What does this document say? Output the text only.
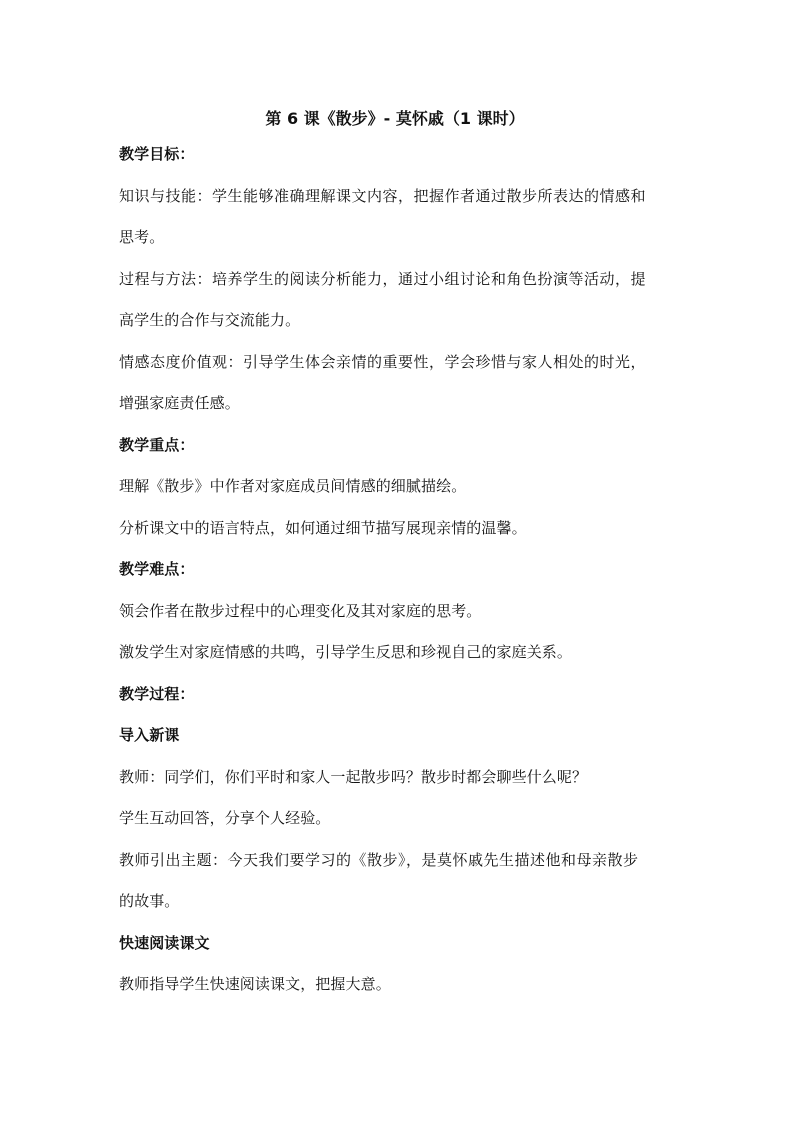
第 6 课《散步》- 莫怀戚（1 课时）
教学目标：
知识与技能：学生能够准确理解课文内容，把握作者通过散步所表达的情感和
思考。
过程与方法：培养学生的阅读分析能力，通过小组讨论和角色扮演等活动，提
高学生的合作与交流能力。
情感态度价值观：引导学生体会亲情的重要性，学会珍惜与家人相处的时光，
增强家庭责任感。
教学重点：
理解《散步》中作者对家庭成员间情感的细腻描绘。
分析课文中的语言特点，如何通过细节描写展现亲情的温馨。
教学难点：
领会作者在散步过程中的心理变化及其对家庭的思考。
激发学生对家庭情感的共鸣，引导学生反思和珍视自己的家庭关系。
教学过程：
导入新课
教师：同学们，你们平时和家人一起散步吗？散步时都会聊些什么呢？
学生互动回答，分享个人经验。
教师引出主题：今天我们要学习的《散步》，是莫怀戚先生描述他和母亲散步
的故事。
快速阅读课文
教师指导学生快速阅读课文，把握大意。
